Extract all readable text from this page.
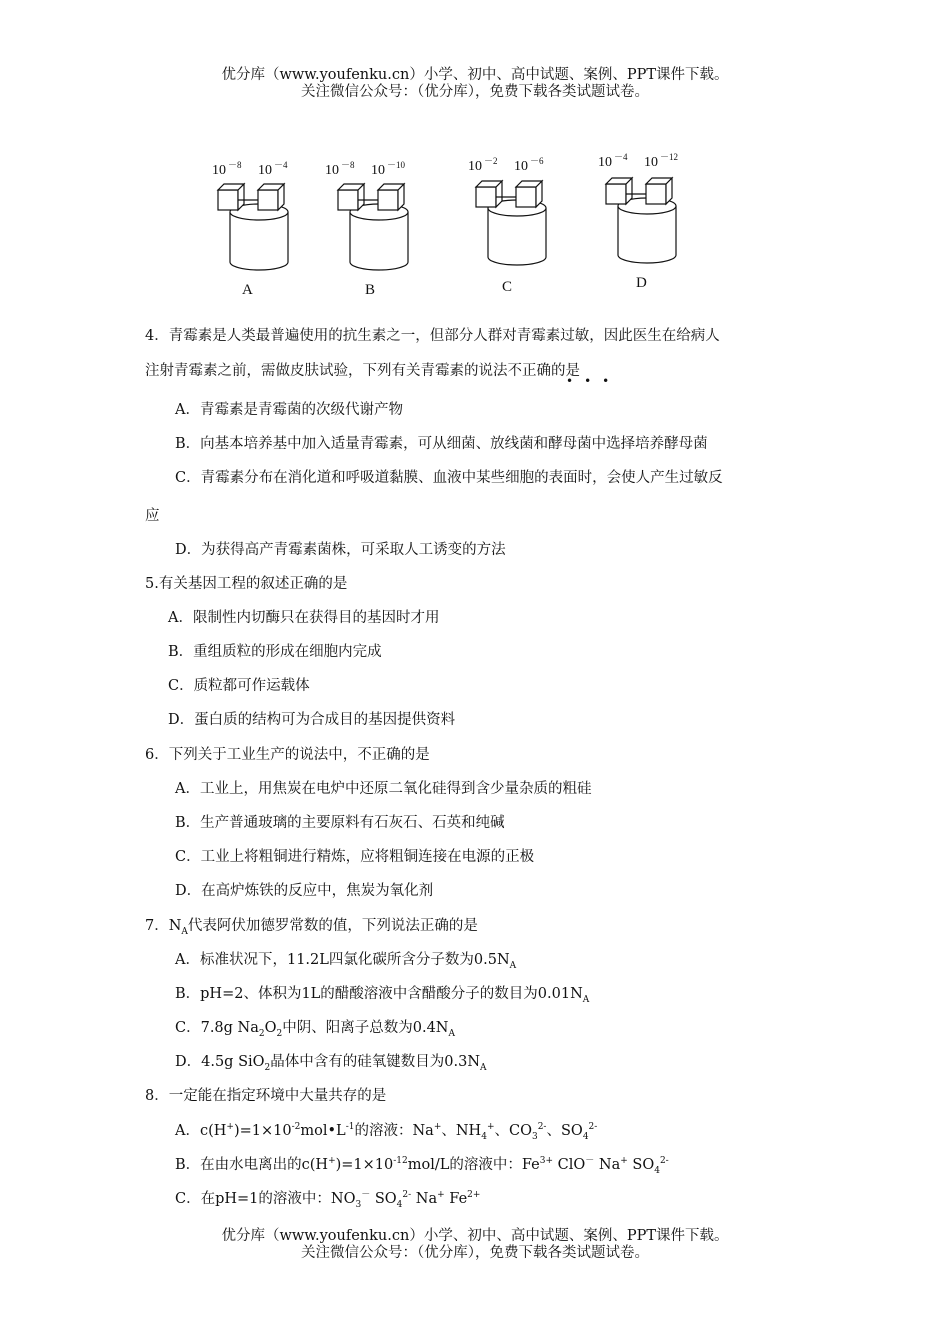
优分库（www.youfenku.cn）小学、初中、高中试题、案例、PPT课件下载。
关注微信公众号：（优分库），免费下载各类试题试卷。
10 $^{-8}$ 10 $^{-4}$	10 $^{-8}$ 10 $^{-10}$	10 $^{-2}$ 10 $^{-6}$	10 $^{-4}$ 10 $^{-12}$
A	B	C	D
4．青霉素是人类最普遍使用的抗生素之一，但部分人群对青霉素过敏，因此医生在给病人
注射青霉素之前，需做皮肤试验，下列有关青霉素的说法不正确的是
•••
A．青霉素是青霉菌的次级代谢产物
B．向基本培养基中加入适量青霉素，可从细菌、放线菌和酵母菌中选择培养酵母菌
C．青霉素分布在消化道和呼吸道黏膜、血液中某些细胞的表面时，会使人产生过敏反
应
D．为获得高产青霉素菌株，可采取人工诱变的方法
5.有关基因工程的叙述正确的是
A．限制性内切酶只在获得目的基因时才用
B．重组质粒的形成在细胞内完成
C．质粒都可作运载体
D．蛋白质的结构可为合成目的基因提供资料
6．下列关于工业生产的说法中，不正确的是
A．工业上，用焦炭在电炉中还原二氧化硅得到含少量杂质的粗硅
B．生产普通玻璃的主要原料有石灰石、石英和纯碱
C．工业上将粗铜进行精炼，应将粗铜连接在电源的正极
D．在高炉炼铁的反应中，焦炭为氧化剂
7．$N_A$代表阿伏加德罗常数的值，下列说法正确的是
A．标准状况下，11.2L四氯化碳所含分子数为$0.5N_A$
B．pH=2、体积为1L的醋酸溶液中含醋酸分子的数目为$0.01N_A$
C．7.8g $Na_2O_2$中阴、阳离子总数为$0.4N_A$
D．4.5g SiO$_2$晶体中含有的硅氧键数目为$0.3N_A$
8．一定能在指定环境中大量共存的是
A．$c(H^+)=1\times 10^{-2}mol•L^{-1}$的溶液：Na+、$NH_4^+$、$CO_3^{2-}$、$SO_4^{2-}$
B．在由水电离出的$c(H^+)=1\times 10^{-12}mol/L$的溶液中：$Fe^{3+}$ ClO－ Na+ $SO_4^{2-}$
C．在pH=1的溶液中：$NO_3^-$ $SO_4^{2-}$ Na+ $Fe^{2+}$
优分库（www.youfenku.cn）小学、初中、高中试题、案例、PPT课件下载。
关注微信公众号：（优分库），免费下载各类试题试卷。
